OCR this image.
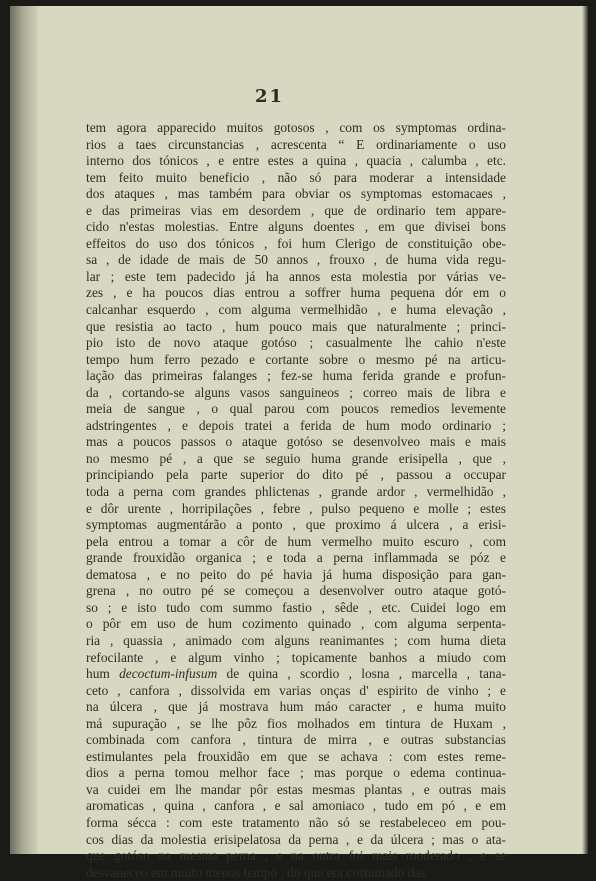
21
tem agora apparecido muitos gotosos , com os symptomas ordina-
rios a taes circunstancias , acrescenta “ E ordinariamente o uso
interno dos tónicos , e entre estes a quina , quacia , calumba , etc.
tem feito muito beneficio , não só para moderar a intensidade
dos ataques , mas também para obviar os symptomas estomacaes ,
e das primeiras vias em desordem , que de ordinario tem appare-
cido n'estas molestias. Entre alguns doentes , em que divisei bons
effeitos do uso dos tónicos , foi hum Clerigo de constituição obe-
sa , de idade de mais de 50 annos , frouxo , de huma vida regu-
lar ; este tem padecido já ha annos esta molestia por várias ve-
zes , e ha poucos dias entrou a soffrer huma pequena dór em o
calcanhar esquerdo , com alguma vermelhidão , e huma elevação ,
que resistia ao tacto , hum pouco mais que naturalmente ; princi-
pio isto de novo ataque gotóso ; casualmente lhe cahio n'este
tempo hum ferro pezado e cortante sobre o mesmo pé na articu-
lação das primeiras falanges ; fez-se huma ferida grande e profun-
da , cortando-se alguns vasos sanguineos ; correo mais de libra e
meia de sangue , o qual parou com poucos remedios levemente
adstringentes , e depois tratei a ferida de hum modo ordinario ;
mas a poucos passos o ataque gotóso se desenvolveo mais e mais
no mesmo pé , a que se seguio huma grande erisipella , que ,
principiando pela parte superior do dito pé , passou a occupar
toda a perna com grandes phlictenas , grande ardor , vermelhidão ,
e dôr urente , horripilações , febre , pulso pequeno e molle ; estes
symptomas augmentárão a ponto , que proximo á ulcera , a erisi-
pela entrou a tomar a côr de hum vermelho muito escuro , com
grande frouxidão organica ; e toda a perna inflammada se póz e
dematosa , e no peito do pé havia já huma disposição para gan-
grena , no outro pé se começou a desenvolver outro ataque gotó-
so ; e isto tudo com summo fastio , sêde , etc. Cuidei logo em
o pôr em uso de hum cozimento quinado , com alguma serpenta-
ria , quassia , animado com alguns reanimantes ; com huma dieta
refocilante , e algum vinho ; topicamente banhos a miudo com
hum decoctum-infusum de quina , scordio , losna , marcella , tana-
ceto , canfora , dissolvida em varias onças d' espirito de vinho ; e
na úlcera , que já mostrava hum máo caracter , e huma muito
má supuração , se lhe pôz fios molhados em tintura de Huxam ,
combinada com canfora , tintura de mirra , e outras substancias
estimulantes pela frouxidão em que se achava : com estes reme-
dios a perna tomou melhor face ; mas porque o edema continua-
va cuidei em lhe mandar pôr estas mesmas plantas , e outras mais
aromaticas , quina , canfora , e sal amoniaco , tudo em pó , e em
forma sécca : com este tratamento não só se restabeleceo em pou-
cos dias da molestia erisipelatosa da perna , e da úlcera ; mas o ata-
que gotóso na mesma perna , e na outra foi mais moderado , e se
desvaneceo em muito menos tempo , do que era costumado das
